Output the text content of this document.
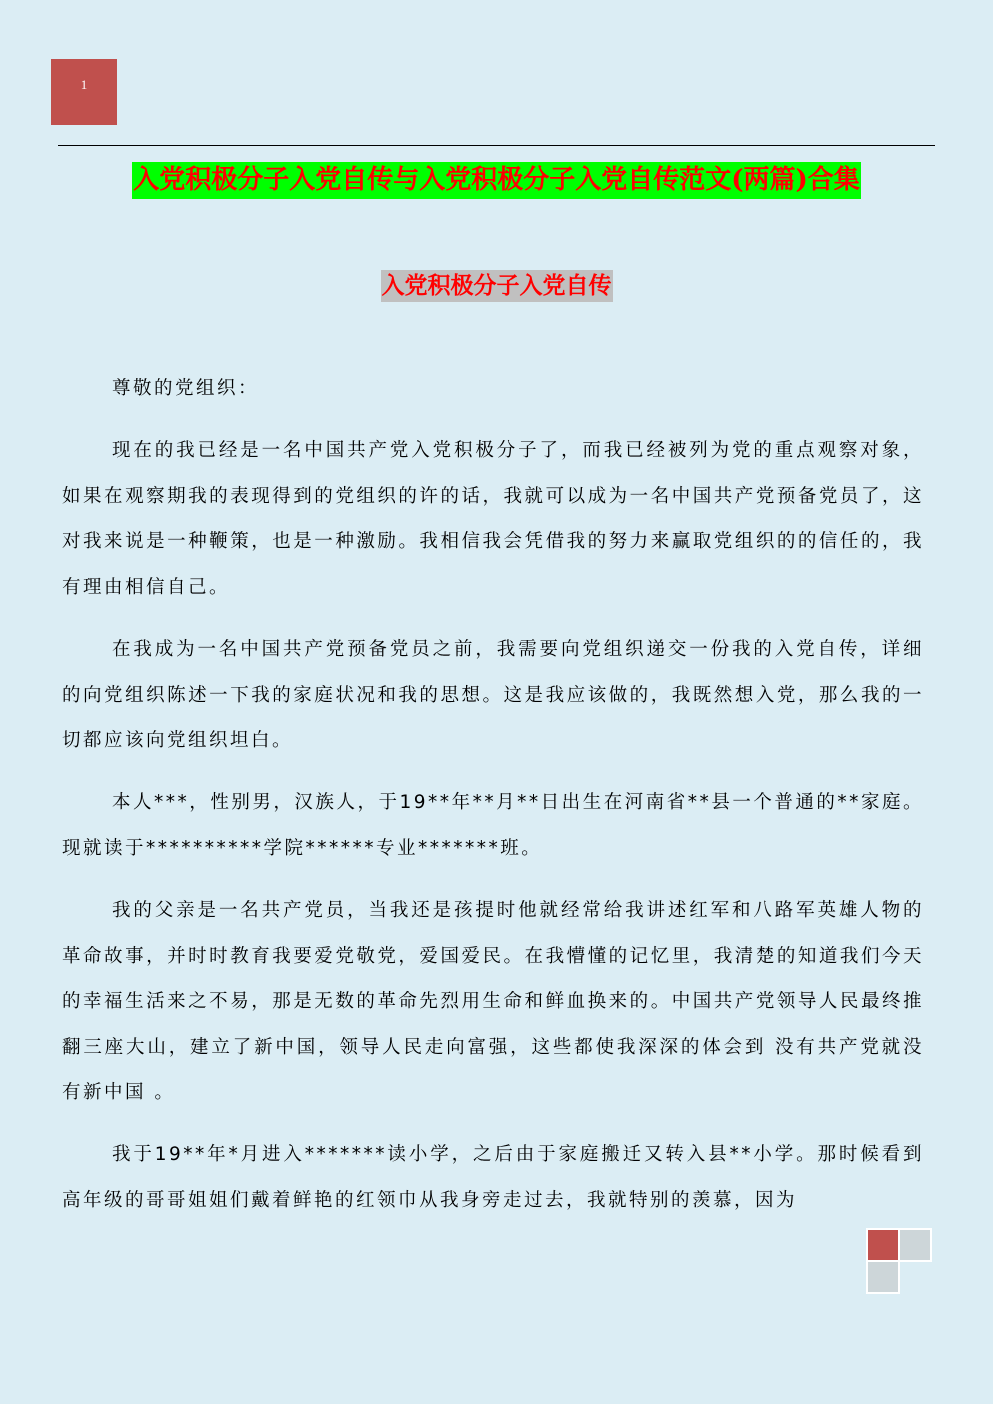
1
入党积极分子入党自传与入党积极分子入党自传范文(两篇)合集
入党积极分子入党自传

尊敬的党组织：

现在的我已经是一名中国共产党入党积极分子了，而我已经被列为党的重点观察对象，如果在观察期我的表现得到的党组织的许的话，我就可以成为一名中国共产党预备党员了，这对我来说是一种鞭策，也是一种激励。我相信我会凭借我的努力来赢取党组织的的信任的，我有理由相信自己。

在我成为一名中国共产党预备党员之前，我需要向党组织递交一份我的入党自传，详细的向党组织陈述一下我的家庭状况和我的思想。这是我应该做的，我既然想入党，那么我的一切都应该向党组织坦白。

本人***，性别男，汉族人，于19**年**月**日出生在河南省**县一个普通的**家庭。现就读于**********学院******专业*******班。

我的父亲是一名共产党员，当我还是孩提时他就经常给我讲述红军和八路军英雄人物的革命故事，并时时教育我要爱党敬党，爱国爱民。在我懵懂的记忆里，我清楚的知道我们今天的幸福生活来之不易，那是无数的革命先烈用生命和鲜血换来的。中国共产党领导人民最终推翻三座大山，建立了新中国，领导人民走向富强，这些都使我深深的体会到 没有共产党就没有新中国 。

我于19**年*月进入*******读小学，之后由于家庭搬迁又转入县**小学。那时候看到高年级的哥哥姐姐们戴着鲜艳的红领巾从我身旁走过去，我就特别的羡慕，因为
